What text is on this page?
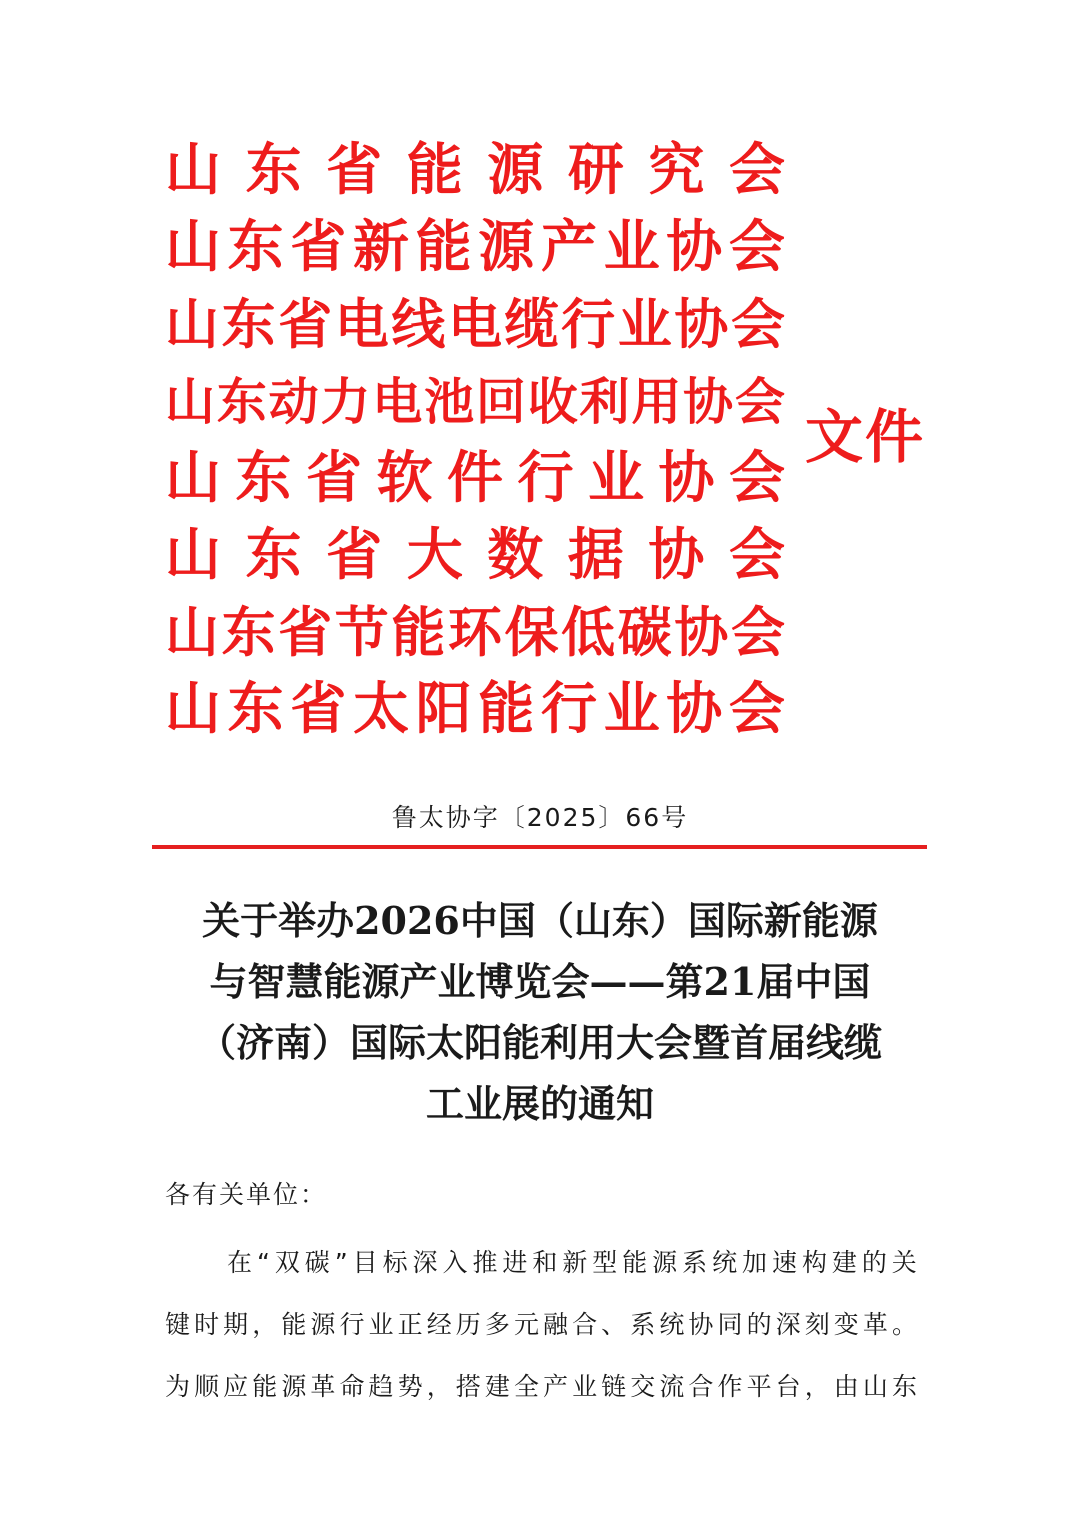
山 东 省 能 源 研 究 会
山 东 省 新 能 源 产 业 协 会
山 东 省 电 线 电 缆 行 业 协 会
山 东 动 力 电 池 回 收 利 用 协 会
山 东 省 软 件 行 业 协 会
山 东 省 大 数 据 协 会
山 东 省 节 能 环 保 低 碳 协 会
山 东 省 太 阳 能 行 业 协 会
文件
鲁太协字〔2025〕66号
关于举办2026中国（山东）国际新能源
与智慧能源产业博览会——第21届中国
（济南）国际太阳能利用大会暨首届线缆
工业展的通知
各有关单位：
在 “ 双 碳 ” 目 标 深 入 推 进 和 新 型 能 源 系 统 加 速 构 建 的 关
键 时 期 ， 能 源 行 业 正 经 历 多 元 融 合 、 系 统 协 同 的 深 刻 变 革 。
为 顺 应 能 源 革 命 趋 势 ， 搭 建 全 产 业 链 交 流 合 作 平 台 ， 由 山 东
